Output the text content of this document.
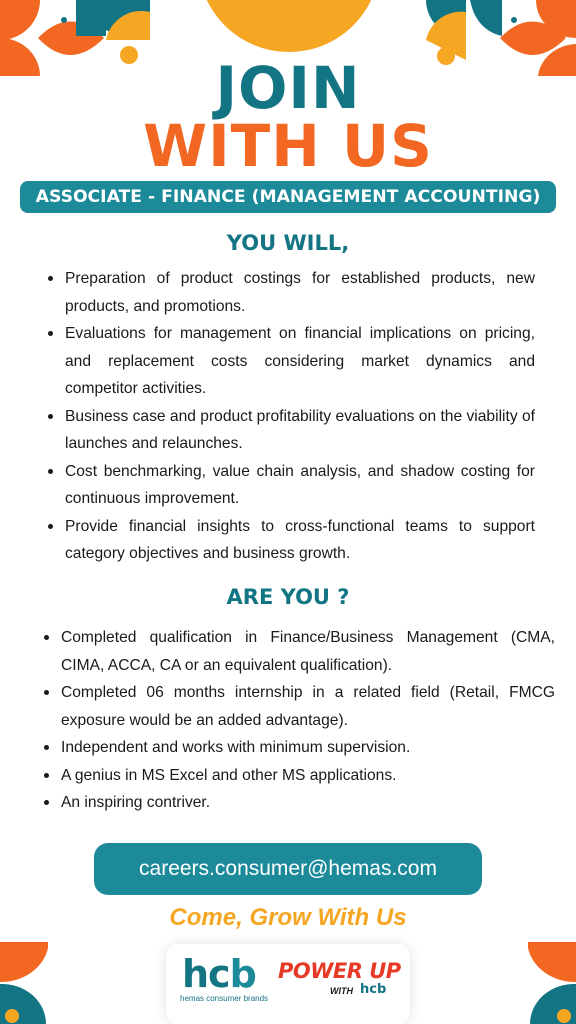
JOIN
WITH US
ASSOCIATE - FINANCE (MANAGEMENT ACCOUNTING)
YOU WILL,
Preparation of product costings for established products, new products, and promotions.
Evaluations for management on financial implications on pricing, and replacement costs considering market dynamics and competitor activities.
Business case and product profitability evaluations on the viability of launches and relaunches.
Cost benchmarking, value chain analysis, and shadow costing for continuous improvement.
Provide financial insights to cross-functional teams to support category objectives and business growth.
ARE YOU ?
Completed qualification in Finance/Business Management (CMA, CIMA, ACCA, CA or an equivalent qualification).
Completed 06 months internship in a related field (Retail, FMCG exposure would be an added advantage).
Independent and works with minimum supervision.
A genius in MS Excel and other MS applications.
An inspiring contriver.
careers.consumer@hemas.com
Come, Grow With Us
hcb
hemas consumer brands
POWER UP
WITH hcb
